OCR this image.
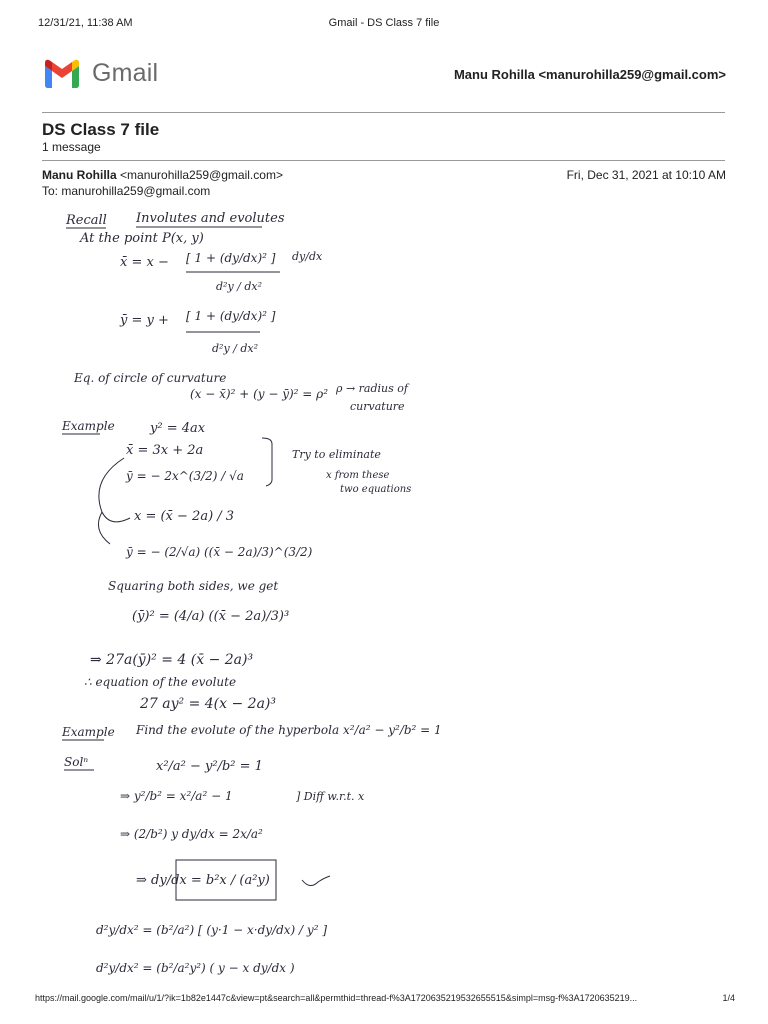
12/31/21, 11:38 AM	Gmail - DS Class 7 file
Gmail	Manu Rohilla <manurohilla259@gmail.com>
DS Class 7 file
1 message
Manu Rohilla <manurohilla259@gmail.com>
To: manurohilla259@gmail.com
Fri, Dec 31, 2021 at 10:10 AM
Recall Involutes and evolutes
At the point P(x, y)
x̄ = x − [ 1 + (dy/dx)² ] dy/dx
d²y / dx²
ȳ = y + [ 1 + (dy/dx)² ]
d²y / dx²
Eq. of circle of curvature
(x − x̄)² + (y − ȳ)² = ρ² ρ → radius of
curvature
Example	y² = 4ax
x̄ = 3x + 2a
ȳ = − 2x^(3/2) / √a
Try to eliminate
x from these
two equations
x = (x̄ − 2a) / 3
ȳ = − (2/√a) ((x̄ − 2a)/3)^(3/2)
Squaring both sides, we get
(ȳ)² = (4/a) ((x̄ − 2a)/3)³
⇒ 27a(ȳ)² = 4 (x̄ − 2a)³
∴ equation of the evolute
27 ay² = 4(x − 2a)³
Example Find the evolute of the hyperbola x²/a² − y²/b² = 1
Solⁿ	x²/a² − y²/b² = 1
⇒ y²/b² = x²/a² − 1	] Diff w.r.t. x
⇒ (2/b²) y dy/dx = 2x/a²
⇒ dy/dx = b²x / (a²y)
d²y/dx² = (b²/a²) [ (y·1 − x·dy/dx) / y² ]
d²y/dx² = (b²/a²y²) ( y − x dy/dx )
https://mail.google.com/mail/u/1/?ik=1b82e1447c&view=pt&search=all&permthid=thread-f%3A1720635219532655515&simpl=msg-f%3A1720635219...	1/4
